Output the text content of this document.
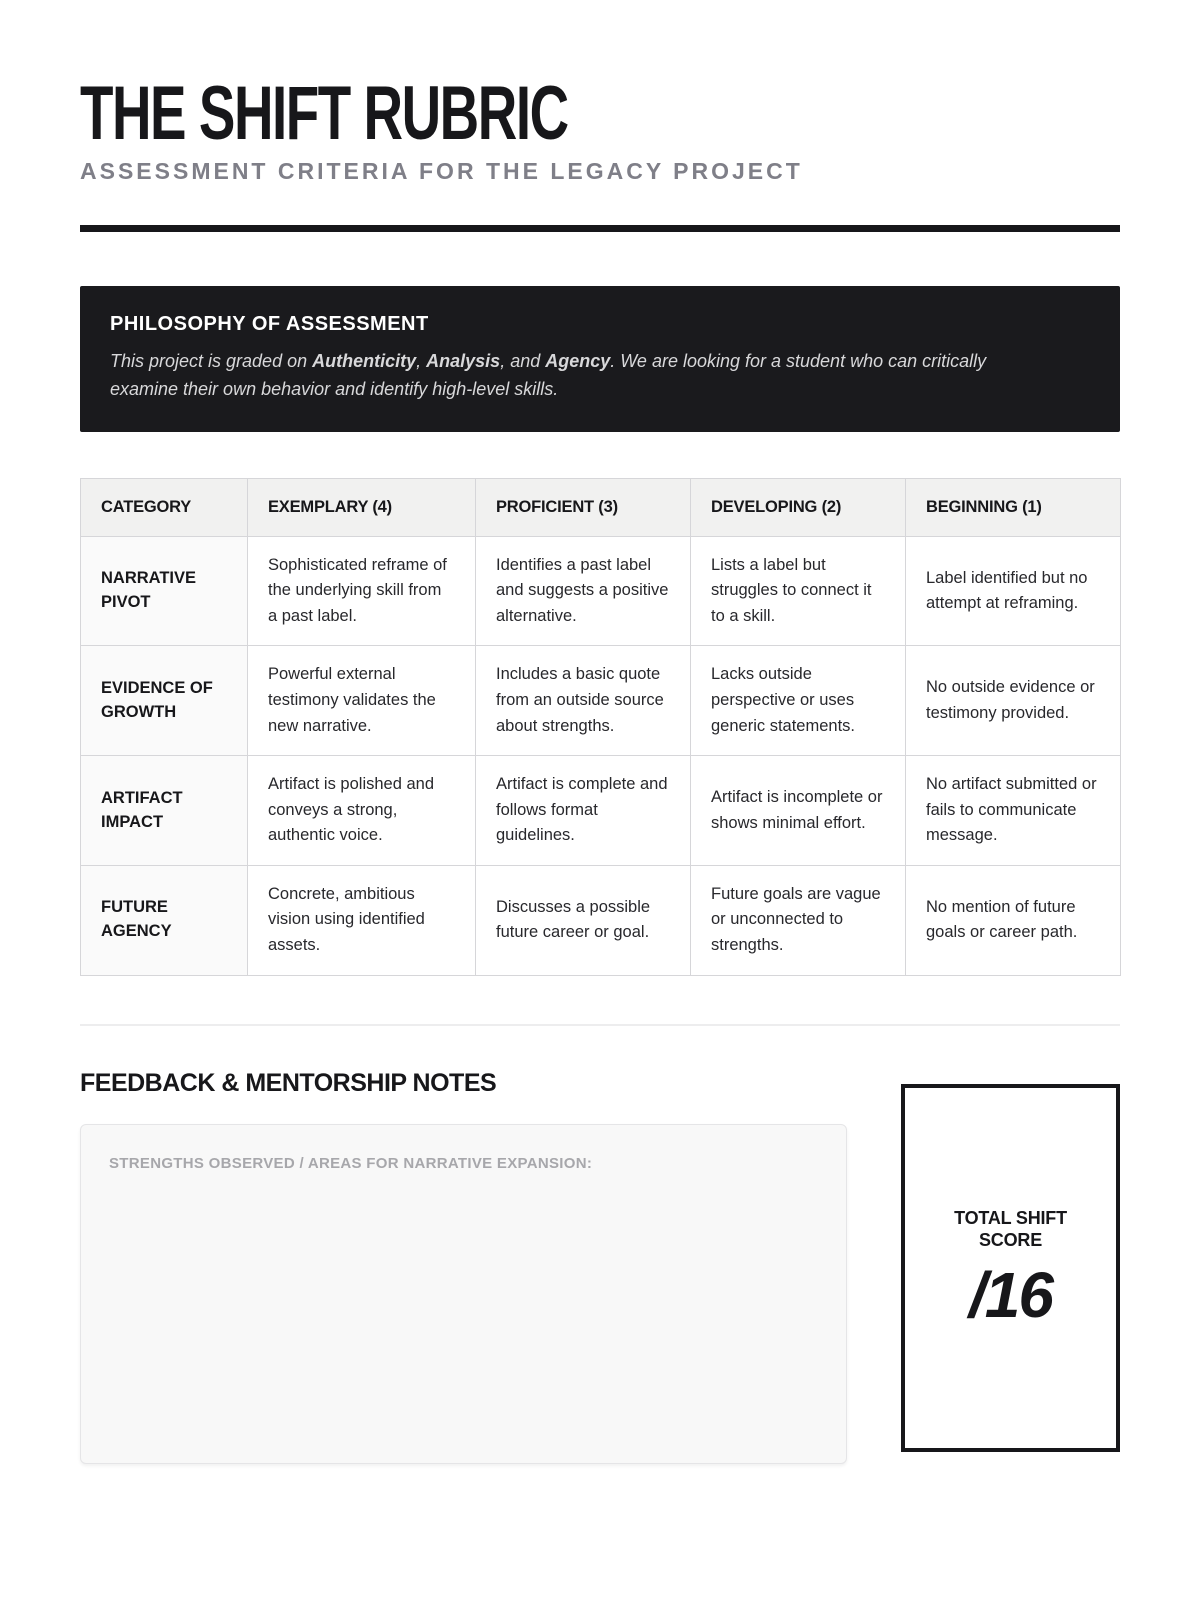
THE SHIFT RUBRIC
ASSESSMENT CRITERIA FOR THE LEGACY PROJECT
PHILOSOPHY OF ASSESSMENT

This project is graded on Authenticity, Analysis, and Agency. We are looking for a student who can critically examine their own behavior and identify high-level skills.

CATEGORY	EXEMPLARY (4)	PROFICIENT (3)	DEVELOPING (2)	BEGINNING (1)
NARRATIVE PIVOT	Sophisticated reframe of the underlying skill from a past label.	Identifies a past label and suggests a positive alternative.	Lists a label but struggles to connect it to a skill.	Label identified but no attempt at reframing.
EVIDENCE OF GROWTH	Powerful external testimony validates the new narrative.	Includes a basic quote from an outside source about strengths.	Lacks outside perspective or uses generic statements.	No outside evidence or testimony provided.
ARTIFACT IMPACT	Artifact is polished and conveys a strong, authentic voice.	Artifact is complete and follows format guidelines.	Artifact is incomplete or shows minimal effort.	No artifact submitted or fails to communicate message.
FUTURE AGENCY	Concrete, ambitious vision using identified assets.	Discusses a possible future career or goal.	Future goals are vague or unconnected to strengths.	No mention of future goals or career path.
FEEDBACK & MENTORSHIP NOTES
STRENGTHS OBSERVED / AREAS FOR NARRATIVE EXPANSION:
TOTAL SHIFT
SCORE
/16
